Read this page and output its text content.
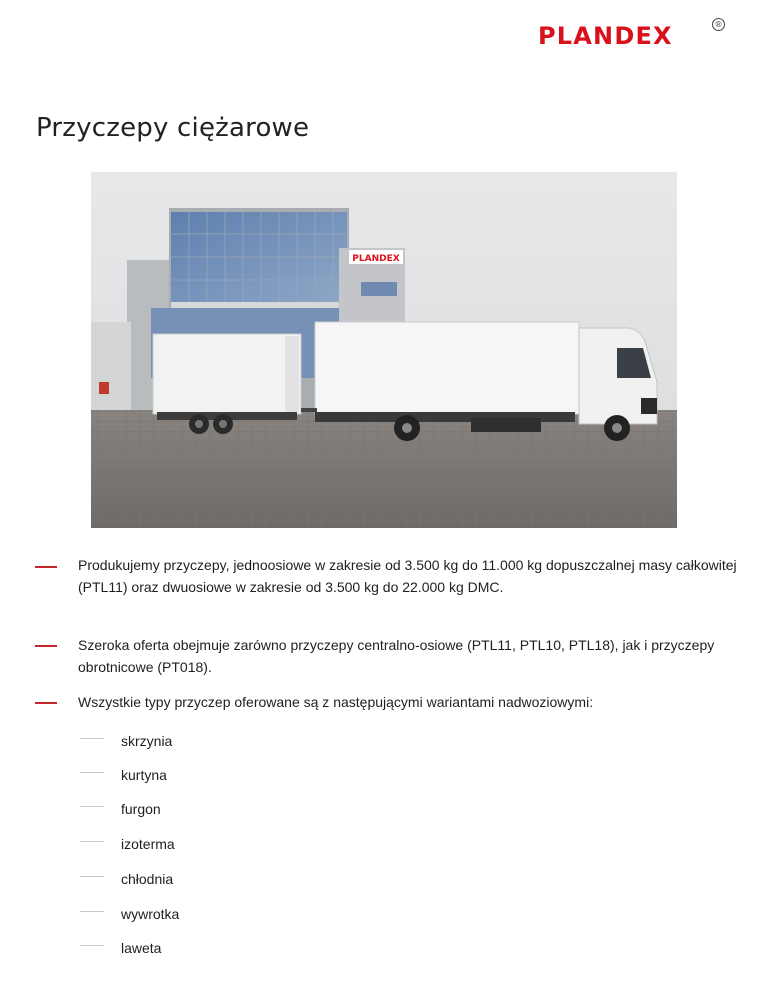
PLANDEX	®
Przyczepy ciężarowe
PLANDEX
Produkujemy przyczepy, jednoosiowe w zakresie od 3.500 kg do 11.000 kg dopuszczalnej masy całkowitej (PTL11) oraz dwuosiowe w zakresie od 3.500 kg do 22.000 kg DMC.
Szeroka oferta obejmuje zarówno przyczepy centralno-osiowe (PTL11, PTL10, PTL18), jak i przyczepy obrotnicowe (PT018).
Wszystkie typy przyczep oferowane są z następującymi wariantami nadwoziowymi:
skrzynia
kurtyna
furgon
izoterma
chłodnia
wywrotka
laweta
